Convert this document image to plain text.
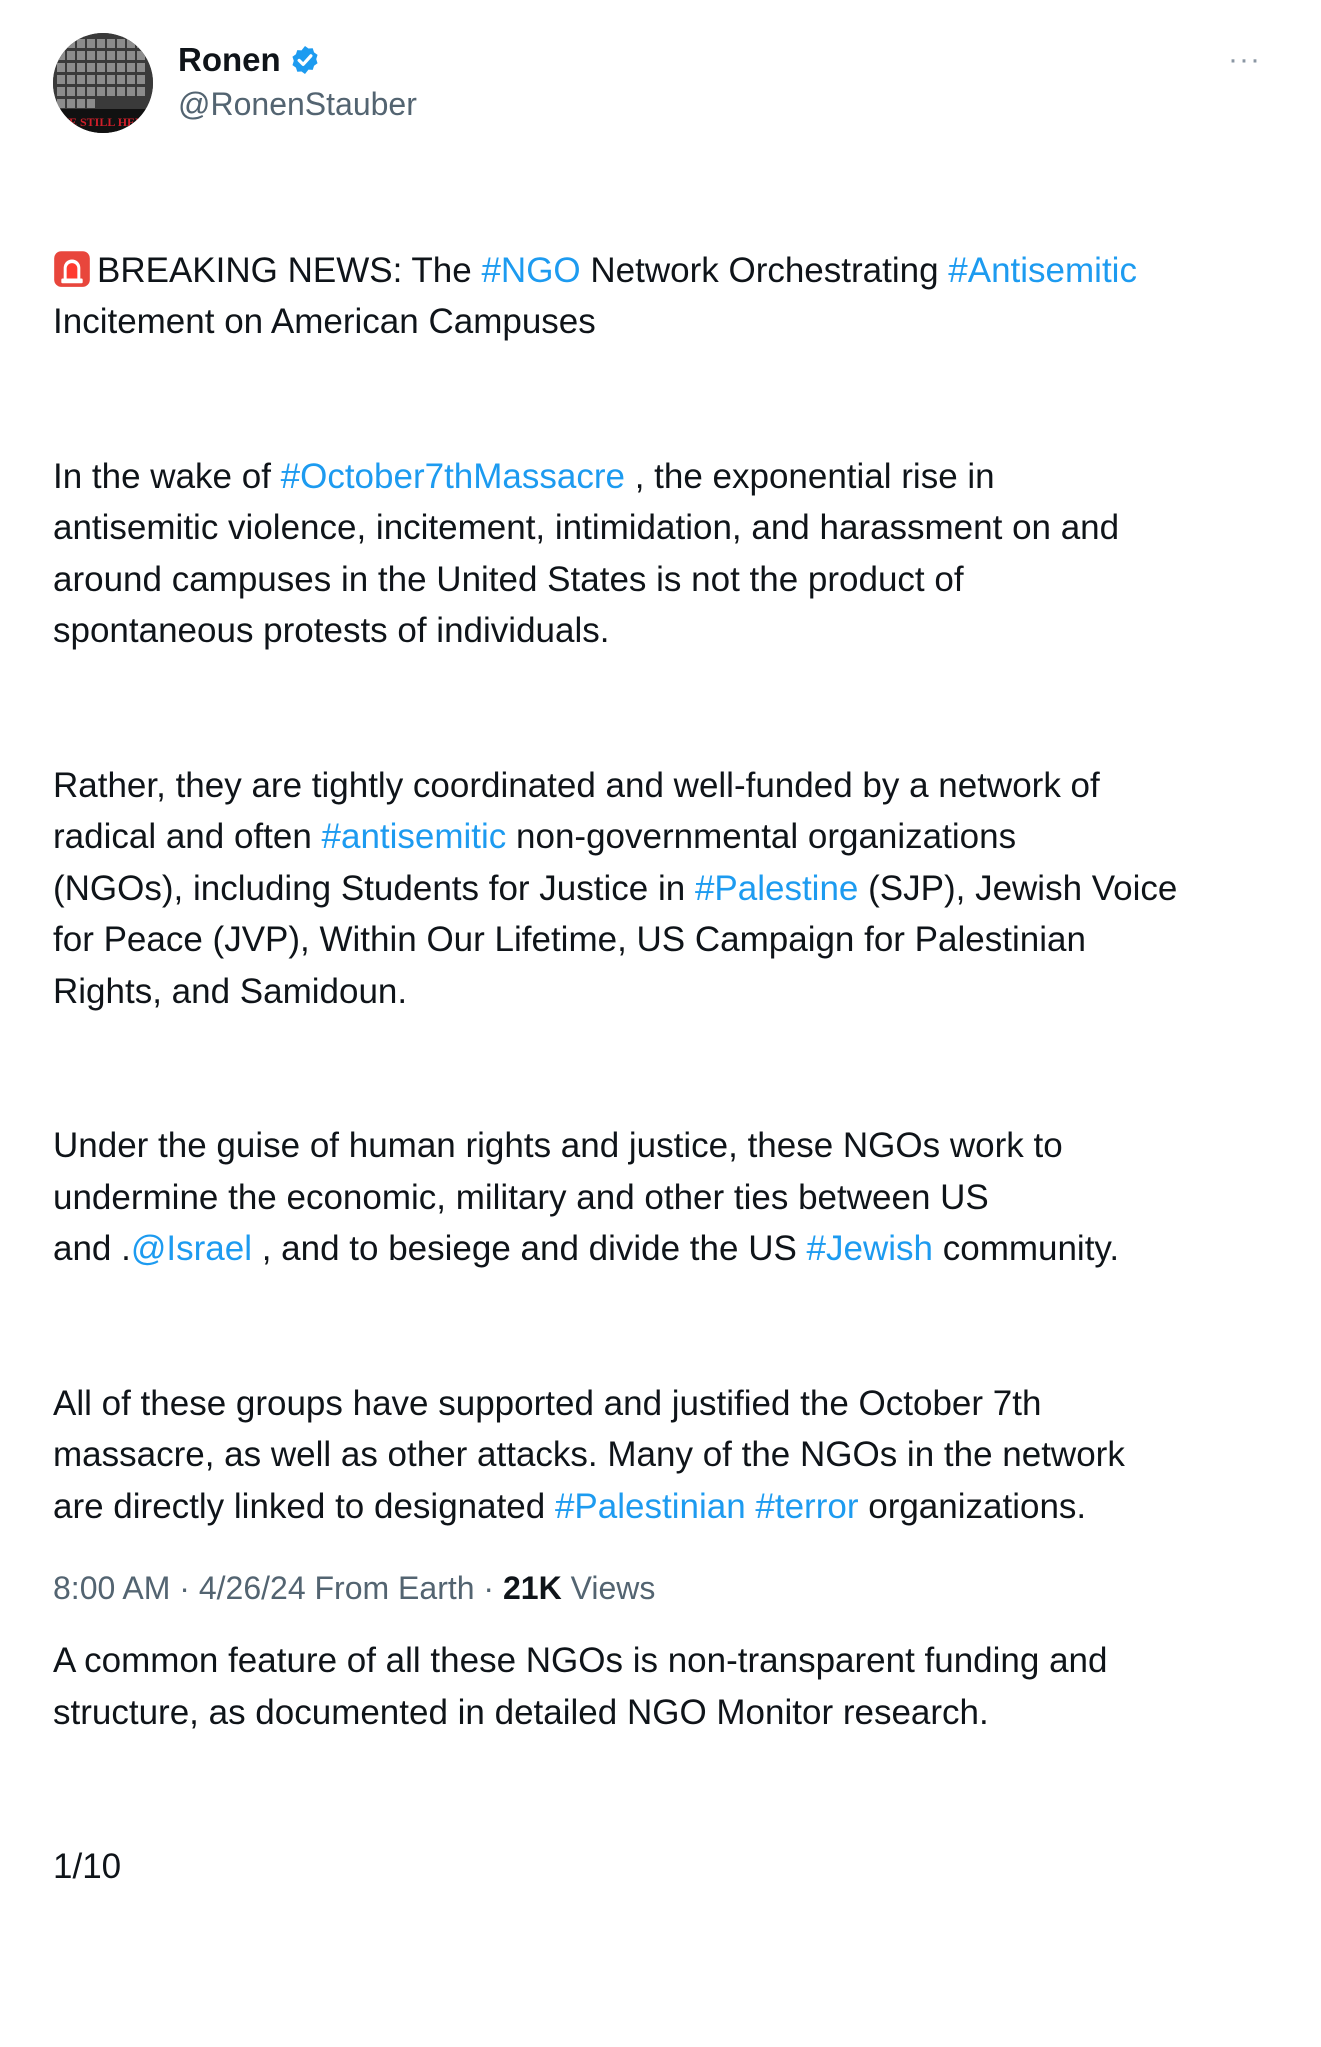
WE STILL HERE
Ronen
@RonenStauber
···

BREAKING NEWS: The #NGO Network Orchestrating #Antisemitic
Incitement on American Campuses

In the wake of #October7thMassacre , the exponential rise in
antisemitic violence, incitement, intimidation, and harassment on and
around campuses in the United States is not the product of
spontaneous protests of individuals.

Rather, they are tightly coordinated and well-funded by a network of
radical and often #antisemitic non-governmental organizations
(NGOs), including Students for Justice in #Palestine (SJP), Jewish Voice
for Peace (JVP), Within Our Lifetime, US Campaign for Palestinian
Rights, and Samidoun.

Under the guise of human rights and justice, these NGOs work to
undermine the economic, military and other ties between US
and .@Israel , and to besiege and divide the US #Jewish community.

All of these groups have supported and justified the October 7th
massacre, as well as other attacks. Many of the NGOs in the network
are directly linked to designated #Palestinian #terror organizations.

A common feature of all these NGOs is non-transparent funding and
structure, as documented in detailed NGO Monitor research.

1/10

8:00 AM · 4/26/24 From Earth · 21K Views
